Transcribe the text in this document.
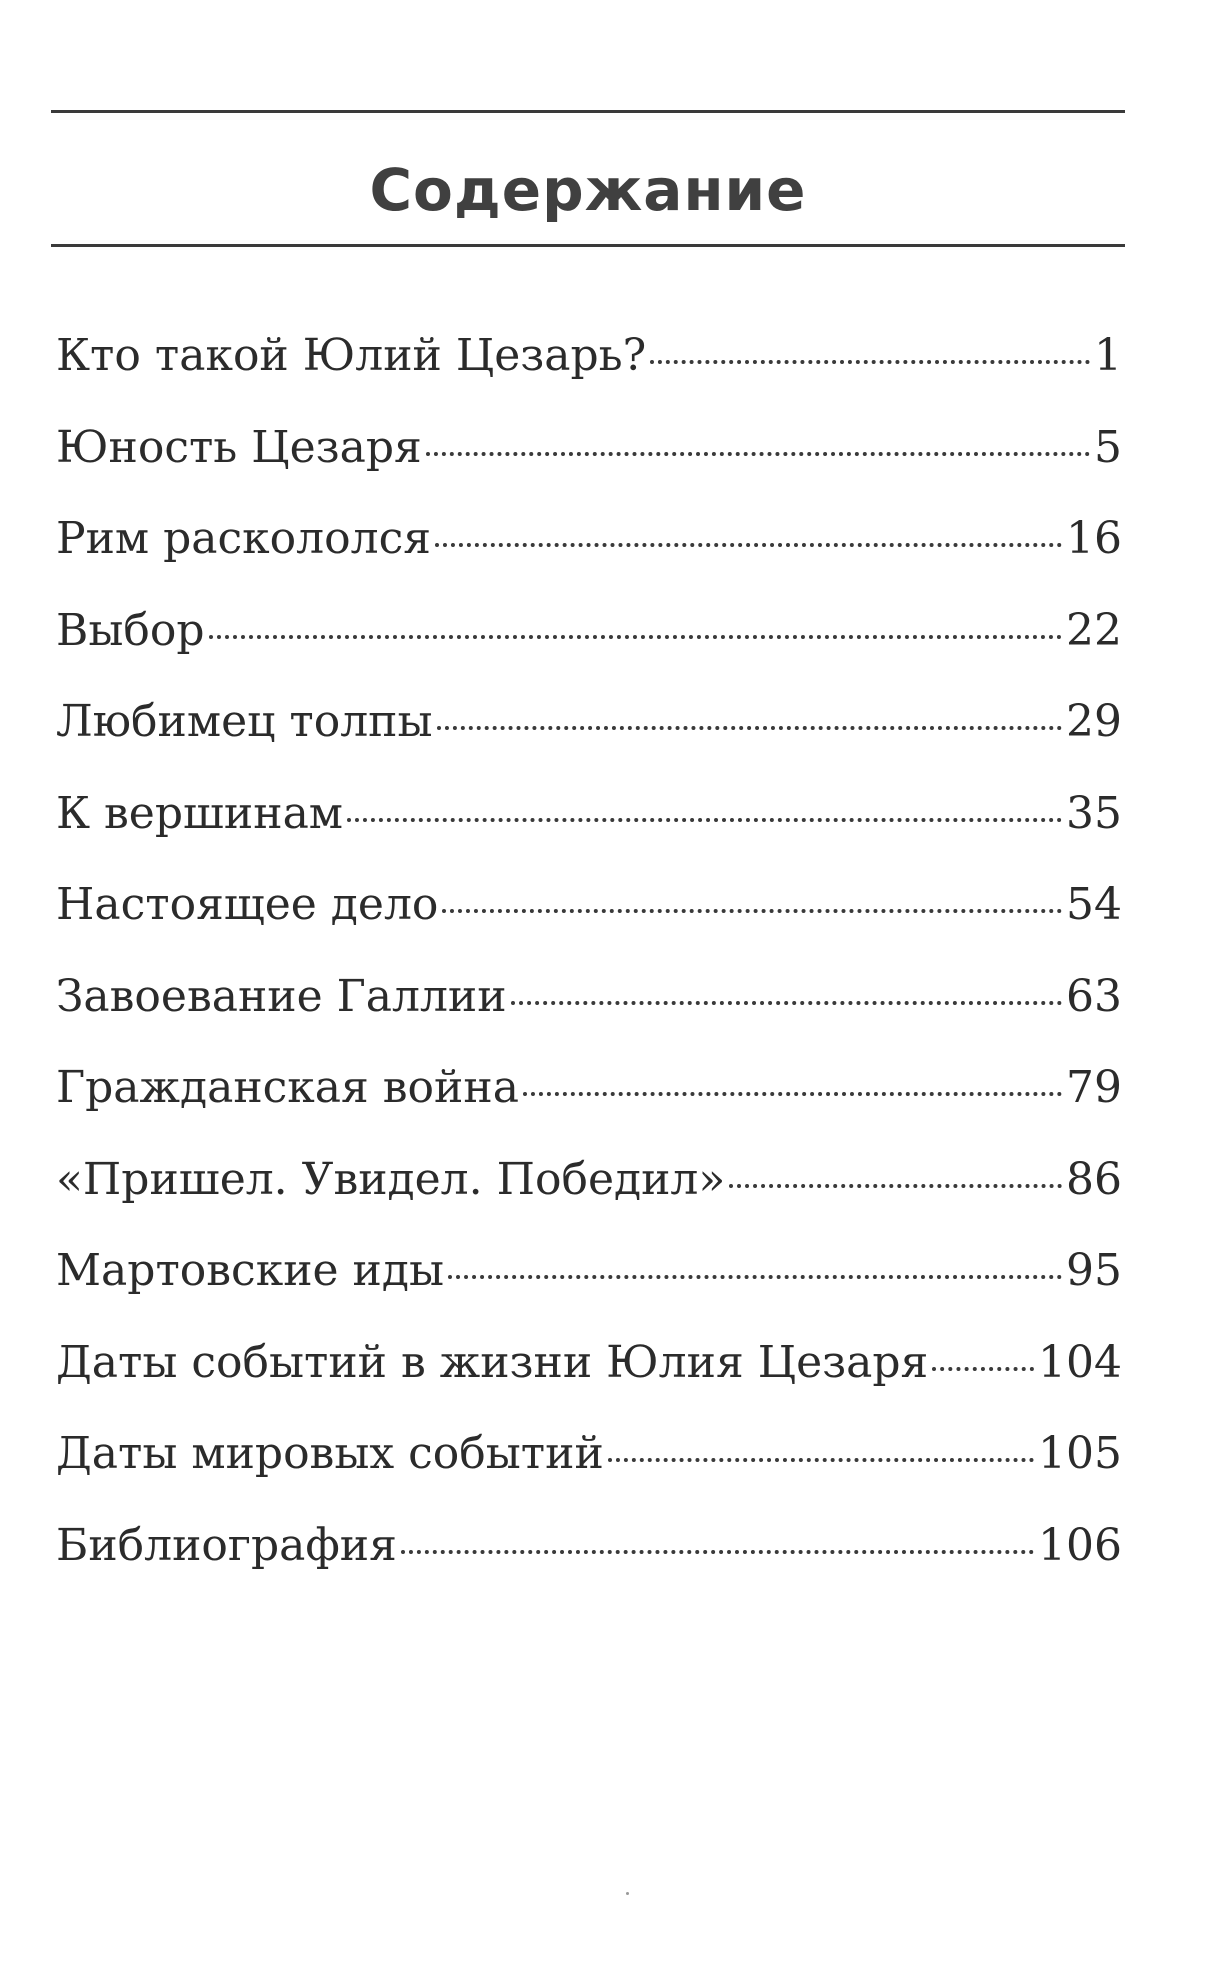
Содержание
Кто такой Юлий Цезарь?	1
Юность Цезаря	5
Рим раскололся	16
Выбор	22
Любимец толпы	29
К вершинам	35
Настоящее дело	54
Завоевание Галлии	63
Гражданская война	79
«Пришел. Увидел. Победил»	86
Мартовские иды	95
Даты событий в жизни Юлия Цезаря 104
Даты мировых событий	105
Библиография	106
